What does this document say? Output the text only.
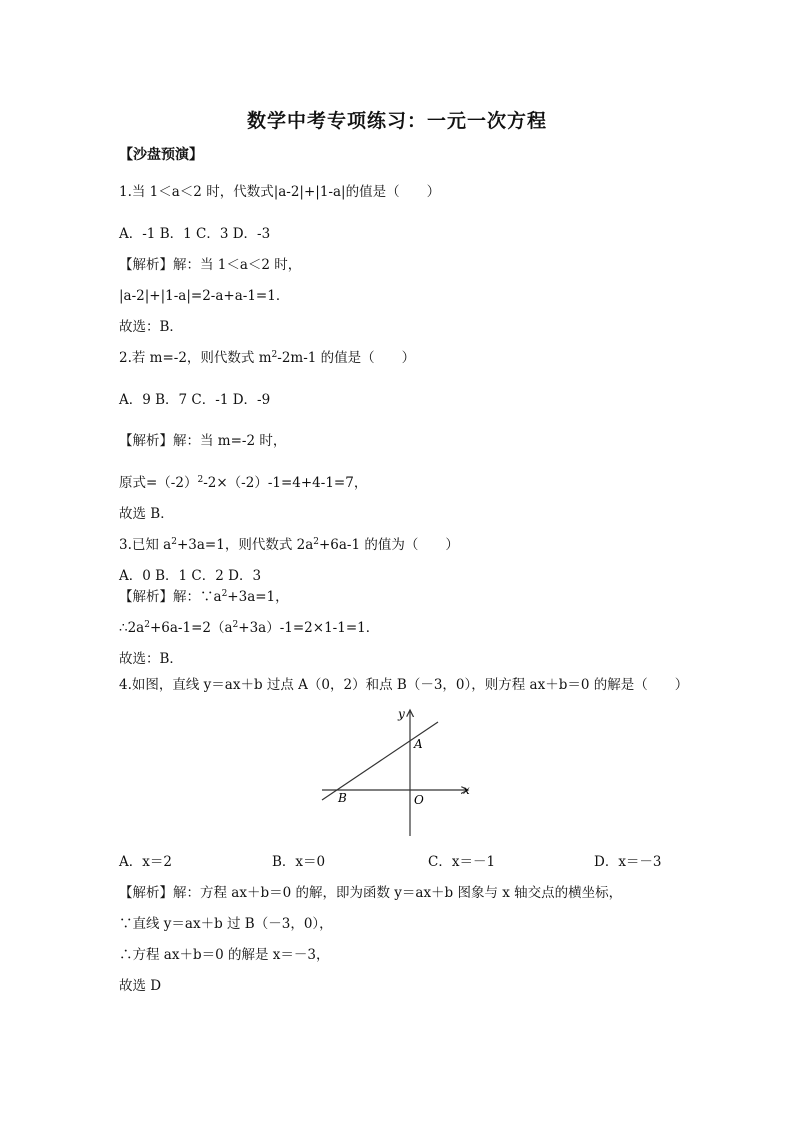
数学中考专项练习：一元一次方程
【沙盘预演】
1.当 1＜a＜2 时，代数式|a-2|+|1-a|的值是（　　）
A．-1 B．1 C．3 D．-3
【解析】解：当 1＜a＜2 时，
|a-2|+|1-a|=2-a+a-1=1．
故选：B．
2.若 m=-2，则代数式 $m^2-2m-1$ 的值是（　　）
A．9 B．7 C．-1 D．-9
【解析】解：当 m=-2 时，
原式$=(-2)^2-2\times(-2)-1=4+4-1=7$，
故选 B．
3.已知 $a^2+3a=1$，则代数式 $2a^2+6a-1$ 的值为（　　）
A．0 B．1 C．2 D．3
【解析】解：$\because a^2+3a=1$，
$\therefore 2a^2+6a-1=2(a^2+3a)-1=2\times 1-1=1$．
故选：B．
4.如图，直线 y＝ax＋b 过点 A（0，2）和点 B（－3，0），则方程 ax＋b＝0 的解是（　　）
y
x
A
B	O
A．x＝2	B．x＝0	C．x＝－1	D．x＝－3
【解析】解：方程 ax＋b＝0 的解，即为函数 y＝ax＋b 图象与 x 轴交点的横坐标，
∵直线 y＝ax＋b 过 B（－3，0），
∴方程 ax＋b＝0 的解是 x＝－3，
故选 D
